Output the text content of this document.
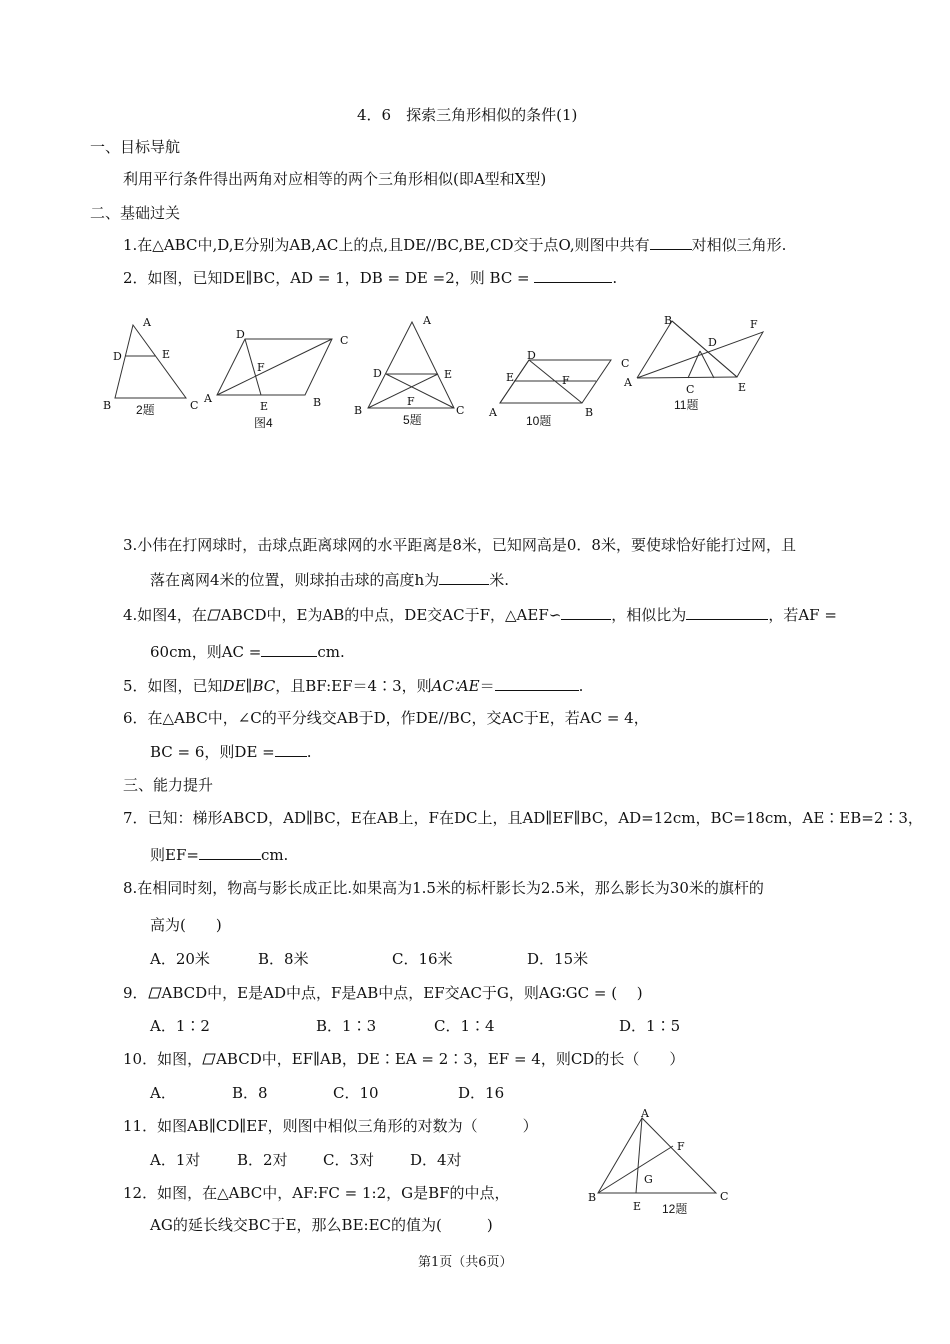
4．6　探索三角形相似的条件(1)
一、目标导航
利用平行条件得出两角对应相等的两个三角形相似(即A型和X型)
二、基础过关
1.在△ABC中,D,E分别为AB,AC上的点,且DE//BC,BE,CD交于点O,则图中共有	对相似三角形.
2．如图，已知DE∥BC，AD = 1，DB = DE =2，则 BC =	.
A
D	E
B	C
2题
D	C
F
A
E	B
图4
A
D	E
F
B	C
5题
D
C
E	F
A	B
10题
B	F
D
A
C	E
11题
3.小伟在打网球时，击球点距离球网的水平距离是8米，已知网高是0．8米，要使球恰好能打过网，且
落在离网4米的位置，则球拍击球的高度h为	米.
4.如图4，在 ABCD中，E为AB的中点，DE交AC于F，△AEF∽	，相似比为	，若AF =
60cm，则AC =	cm.
5．如图，已知DE∥BC，且BF:EF＝4∶3，则AC∶AE＝	.
6．在△ABC中，∠C的平分线交AB于D，作DE//BC，交AC于E，若AC = 4，
BC = 6，则DE = .
三、能力提升
7．已知：梯形ABCD，AD∥BC，E在AB上，F在DC上，且AD∥EF∥BC，AD=12cm，BC=18cm，AE∶EB=2∶3，
则EF=	cm.
8.在相同时刻，物高与影长成正比.如果高为1.5米的标杆影长为2.5米，那么影长为30米的旗杆的
高为(　　)
A．20米	B．8米	C．16米	D．15米
9． ABCD中，E是AD中点，F是AB中点，EF交AC于G，则AG∶GC = (　 )
A．1∶2	B．1∶3	C．1∶4	D．1∶5
10．如图， ABCD中，EF∥AB，DE∶EA = 2∶3，EF = 4，则CD的长（　　）
A．	B．8	C．10	D．16
11．如图AB∥CD∥EF，则图中相似三角形的对数为（　　　）
A．1对 B．2对 C．3对 D．4对
12．如图，在△ABC中，AF:FC = 1:2，G是BF的中点，
AG的延长线交BC于E，那么BE:EC的值为(　　　)
A
F
G
B
E
C
12题
第1页（共6页）
